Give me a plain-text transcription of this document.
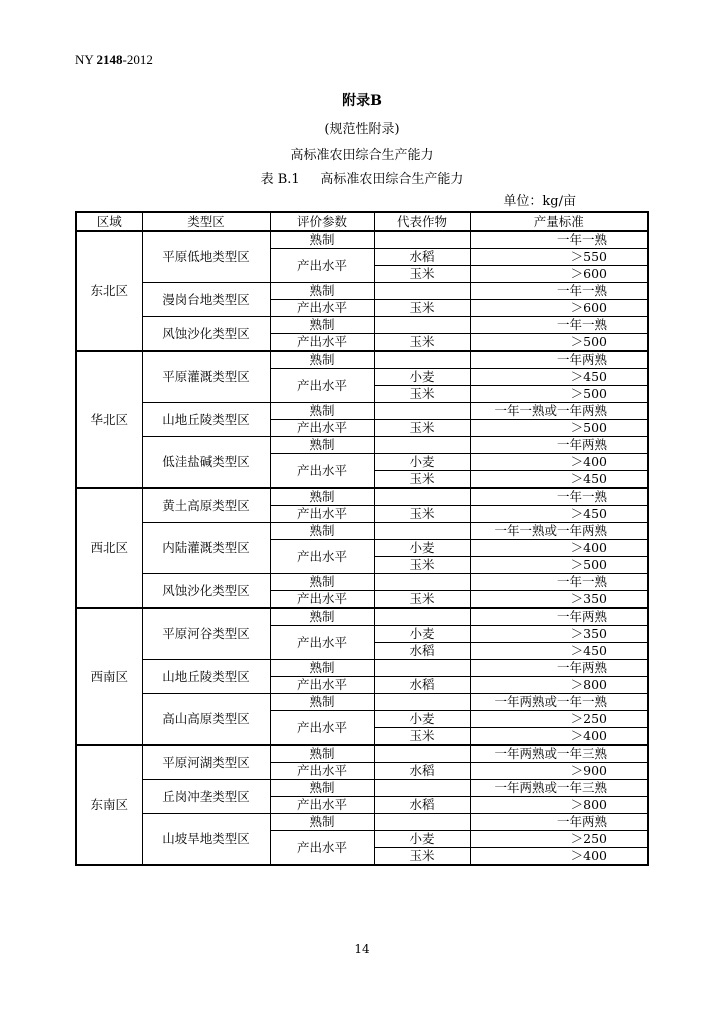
NY 2148-2012
附录B
(规范性附录)
高标准农田综合生产能力
表 B.1     高标准农田综合生产能力
单位：kg/亩
区域	类型区	评价参数	代表作物	产量标准
东北区	平原低地类型区	熟制		一年一熟
		产出水平	水稻	＞550
			玉米	＞600
	漫岗台地类型区	熟制		一年一熟
		产出水平	玉米	＞600
	风蚀沙化类型区	熟制		一年一熟
		产出水平	玉米	＞500
华北区	平原灌溉类型区	熟制		一年两熟
		产出水平	小麦	＞450
			玉米	＞500
	山地丘陵类型区	熟制		一年一熟或一年两熟
		产出水平	玉米	＞500
	低洼盐碱类型区	熟制		一年两熟
		产出水平	小麦	＞400
			玉米	＞450
西北区	黄土高原类型区	熟制		一年一熟
		产出水平	玉米	＞450
	内陆灌溉类型区	熟制		一年一熟或一年两熟
		产出水平	小麦	＞400
			玉米	＞500
	风蚀沙化类型区	熟制		一年一熟
		产出水平	玉米	＞350
西南区	平原河谷类型区	熟制		一年两熟
		产出水平	小麦	＞350
			水稻	＞450
	山地丘陵类型区	熟制		一年两熟
		产出水平	水稻	＞800
	高山高原类型区	熟制		一年两熟或一年一熟
		产出水平	小麦	＞250
			玉米	＞400
东南区	平原河湖类型区	熟制		一年两熟或一年三熟
		产出水平	水稻	＞900
	丘岗冲垄类型区	熟制		一年两熟或一年三熟
		产出水平	水稻	＞800
	山坡旱地类型区	熟制		一年两熟
		产出水平	小麦	＞250
			玉米	＞400
14
